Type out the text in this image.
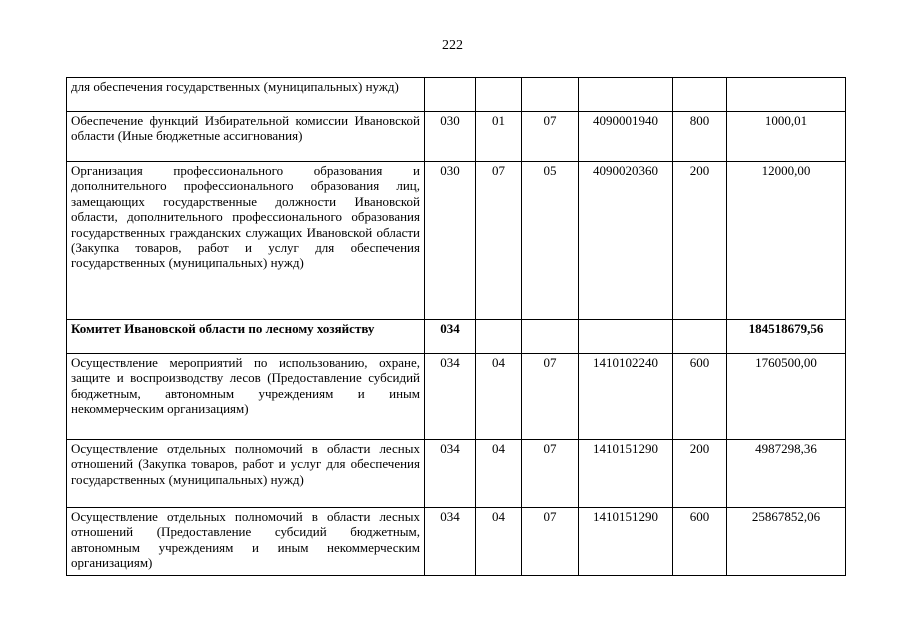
222
для обеспечения государственных (муниципальных) нужд)						
Обеспечение функций Избирательной комиссии Ивановской области (Иные бюджетные ассигнования)	030	01	07	4090001940	800	1000,01
Организация профессионального образования и дополнительного профессионального образования лиц, замещающих государственные должности Ивановской области, дополнительного профессионального образования государственных гражданских служащих Ивановской области (Закупка товаров, работ и услуг для обеспечения государственных (муниципальных) нужд)	030	07	05	4090020360	200	12000,00
Комитет Ивановской области по лесному хозяйству	034					184518679,56
Осуществление мероприятий по использованию, охране, защите и воспроизводству лесов (Предоставление субсидий бюджетным, автономным учреждениям и иным некоммерческим организациям)	034	04	07	1410102240	600	1760500,00
Осуществление отдельных полномочий в области лесных отношений (Закупка товаров, работ и услуг для обеспечения государственных (муниципальных) нужд)	034	04	07	1410151290	200	4987298,36
Осуществление отдельных полномочий в области лесных отношений (Предоставление субсидий бюджетным, автономным учреждениям и иным некоммерческим организациям)	034	04	07	1410151290	600	25867852,06
